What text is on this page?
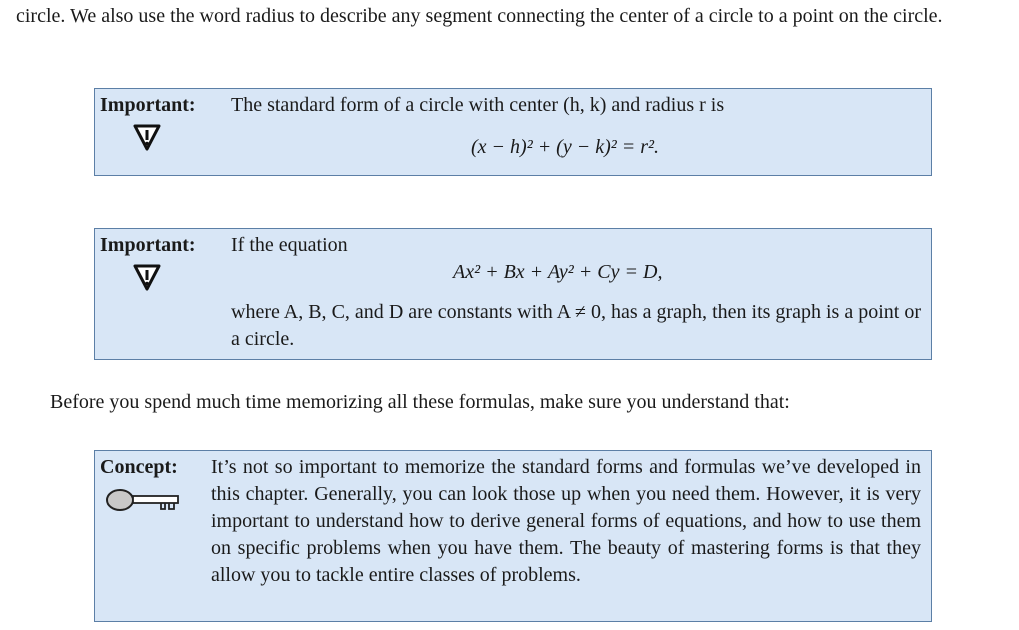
circle. We also use the word radius to describe any segment connecting the center of a circle to a point on the circle.

Important: The standard form of a circle with center (h, k) and radius r is

(x − h)² + (y − k)² = r².
Important: If the equation

Ax² + Bx + Ay² + Cy = D,

where A, B, C, and D are constants with A ≠ 0, has a graph, then its graph is a point or a circle.

Before you spend much time memorizing all these formulas, make sure you understand that:

Concept: It’s not so important to memorize the standard forms and formulas we’ve developed in this chapter. Generally, you can look those up when you need them. However, it is very important to understand how to derive general forms of equations, and how to use them on specific problems when you have them. The beauty of mastering forms is that they allow you to tackle entire classes of problems.
